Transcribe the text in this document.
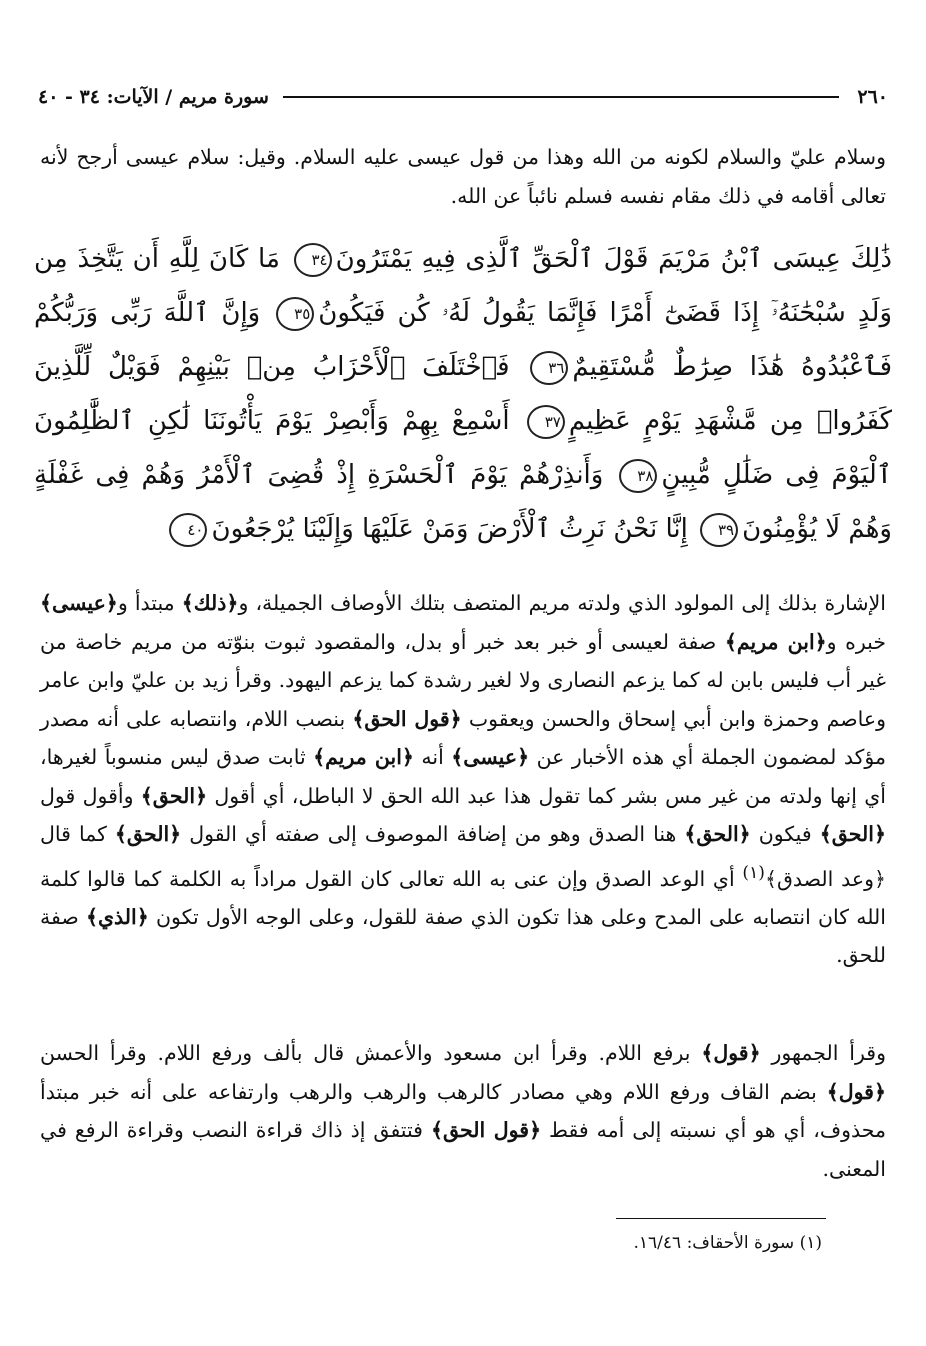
٢٦٠
سورة مريم / الآيات: ٣٤ - ٤٠

وسلام عليّ والسلام لكونه من الله وهذا من قول عيسى عليه السلام. وقيل: سلام عيسى أرجح لأنه تعالى أقامه في ذلك مقام نفسه فسلم نائباً عن الله.

ذَٰلِكَ عِيسَى ٱبْنُ مَرْيَمَ قَوْلَ ٱلْحَقِّ ٱلَّذِى فِيهِ يَمْتَرُونَ٣٤ مَا كَانَ لِلَّهِ أَن يَتَّخِذَ مِن وَلَدٍ سُبْحَٰنَهُۥٓ إِذَا قَضَىٰٓ أَمْرًا فَإِنَّمَا يَقُولُ لَهُۥ كُن فَيَكُونُ٣٥ وَإِنَّ ٱللَّهَ رَبِّى وَرَبُّكُمْ فَٱعْبُدُوهُ هَٰذَا صِرَٰطٌ مُّسْتَقِيمٌ٣٦ فَٱخْتَلَفَ ٱلْأَحْزَابُ مِنۢ بَيْنِهِمْ فَوَيْلٌ لِّلَّذِينَ كَفَرُوا۟ مِن مَّشْهَدِ يَوْمٍ عَظِيمٍ٣٧ أَسْمِعْ بِهِمْ وَأَبْصِرْ يَوْمَ يَأْتُونَنَا لَٰكِنِ ٱلظَّٰلِمُونَ ٱلْيَوْمَ فِى ضَلَٰلٍ مُّبِينٍ٣٨ وَأَنذِرْهُمْ يَوْمَ ٱلْحَسْرَةِ إِذْ قُضِىَ ٱلْأَمْرُ وَهُمْ فِى غَفْلَةٍ وَهُمْ لَا يُؤْمِنُونَ٣٩ إِنَّا نَحْنُ نَرِثُ ٱلْأَرْضَ وَمَنْ عَلَيْهَا وَإِلَيْنَا يُرْجَعُونَ٤٠

الإشارة بذلك إلى المولود الذي ولدته مريم المتصف بتلك الأوصاف الجميلة، و﴿ذلك﴾ مبتدأ و﴿عيسى﴾ خبره و﴿ابن مريم﴾ صفة لعيسى أو خبر بعد خبر أو بدل، والمقصود ثبوت بنوّته من مريم خاصة من غير أب فليس بابن له كما يزعم النصارى ولا لغير رشدة كما يزعم اليهود. وقرأ زيد بن عليّ وابن عامر وعاصم وحمزة وابن أبي إسحاق والحسن ويعقوب ﴿قول الحق﴾ بنصب اللام، وانتصابه على أنه مصدر مؤكد لمضمون الجملة أي هذه الأخبار عن ﴿عيسى﴾ أنه ﴿ابن مريم﴾ ثابت صدق ليس منسوباً لغيرها، أي إنها ولدته من غير مس بشر كما تقول هذا عبد الله الحق لا الباطل، أي أقول ﴿الحق﴾ وأقول قول ﴿الحق﴾ فيكون ﴿الحق﴾ هنا الصدق وهو من إضافة الموصوف إلى صفته أي القول ﴿الحق﴾ كما قال ﴿وعد الصدق﴾$^{(١)}$ أي الوعد الصدق وإن عنى به الله تعالى كان القول مراداً به الكلمة كما قالوا كلمة الله كان انتصابه على المدح وعلى هذا تكون الذي صفة للقول، وعلى الوجه الأول تكون ﴿الذي﴾ صفة للحق.

وقرأ الجمهور ﴿قول﴾ برفع اللام. وقرأ ابن مسعود والأعمش قال بألف ورفع اللام. وقرأ الحسن ﴿قول﴾ بضم القاف ورفع اللام وهي مصادر كالرهب والرهب والرهب وارتفاعه على أنه خبر مبتدأ محذوف، أي هو أي نسبته إلى أمه فقط ﴿قول الحق﴾ فتتفق إذ ذاك قراءة النصب وقراءة الرفع في المعنى.

(١) سورة الأحقاف: ١٦/٤٦.
